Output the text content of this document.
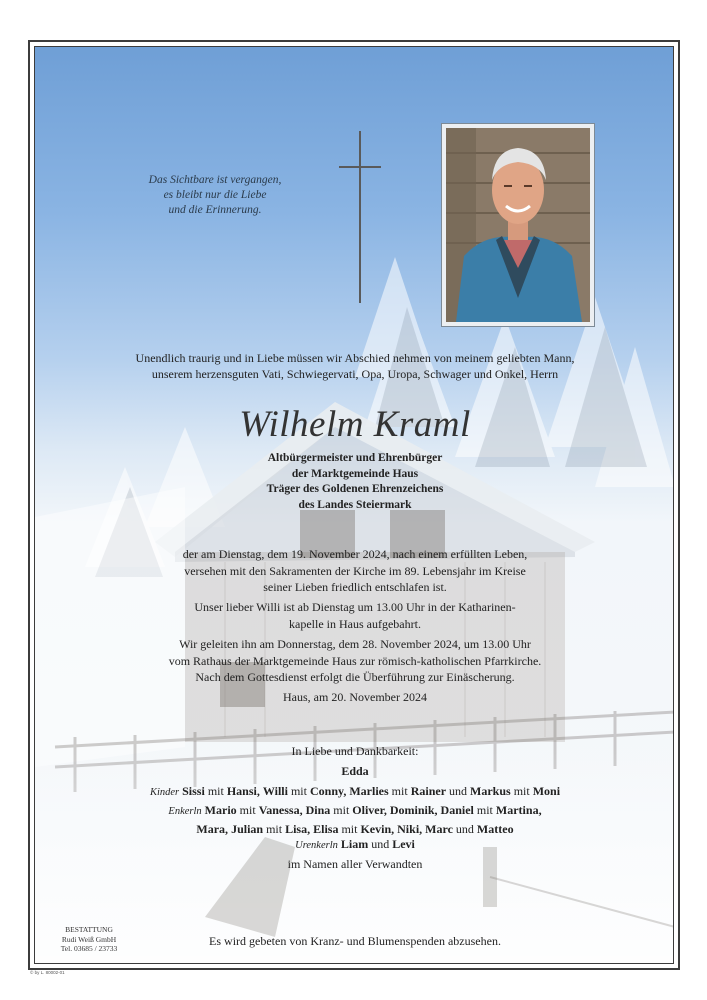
Das Sichtbare ist vergangen,
es bleibt nur die Liebe
und die Erinnerung.
Unendlich traurig und in Liebe müssen wir Abschied nehmen von meinem geliebten Mann,
unserem herzensguten Vati, Schwiegervati, Opa, Uropa, Schwager und Onkel, Herrn
Wilhelm Kraml
Altbürgermeister und Ehrenbürger
der Marktgemeinde Haus
Träger des Goldenen Ehrenzeichens
des Landes Steiermark
der am Dienstag, dem 19. November 2024, nach einem erfüllten Leben,
versehen mit den Sakramenten der Kirche im 89. Lebensjahr im Kreise
seiner Lieben friedlich entschlafen ist.
Unser lieber Willi ist ab Dienstag um 13.00 Uhr in der Katharinen-
kapelle in Haus aufgebahrt.
Wir geleiten ihn am Donnerstag, dem 28. November 2024, um 13.00 Uhr
vom Rathaus der Marktgemeinde Haus zur römisch-katholischen Pfarrkirche.
Nach dem Gottesdienst erfolgt die Überführung zur Einäscherung.
Haus, am 20. November 2024
In Liebe und Dankbarkeit:
Edda
Kinder Sissi mit Hansi, Willi mit Conny, Marlies mit Rainer und Markus mit Moni
Enkerln Mario mit Vanessa, Dina mit Oliver, Dominik, Daniel mit Martina,
Mara, Julian mit Lisa, Elisa mit Kevin, Niki, Marc und Matteo
Urenkerln Liam und Levi
im Namen aller Verwandten
BESTATTUNG
Rudi Weiß GmbH
Tel. 03685 / 23733
Es wird gebeten von Kranz- und Blumenspenden abzusehen.
© by L. 80002-01
